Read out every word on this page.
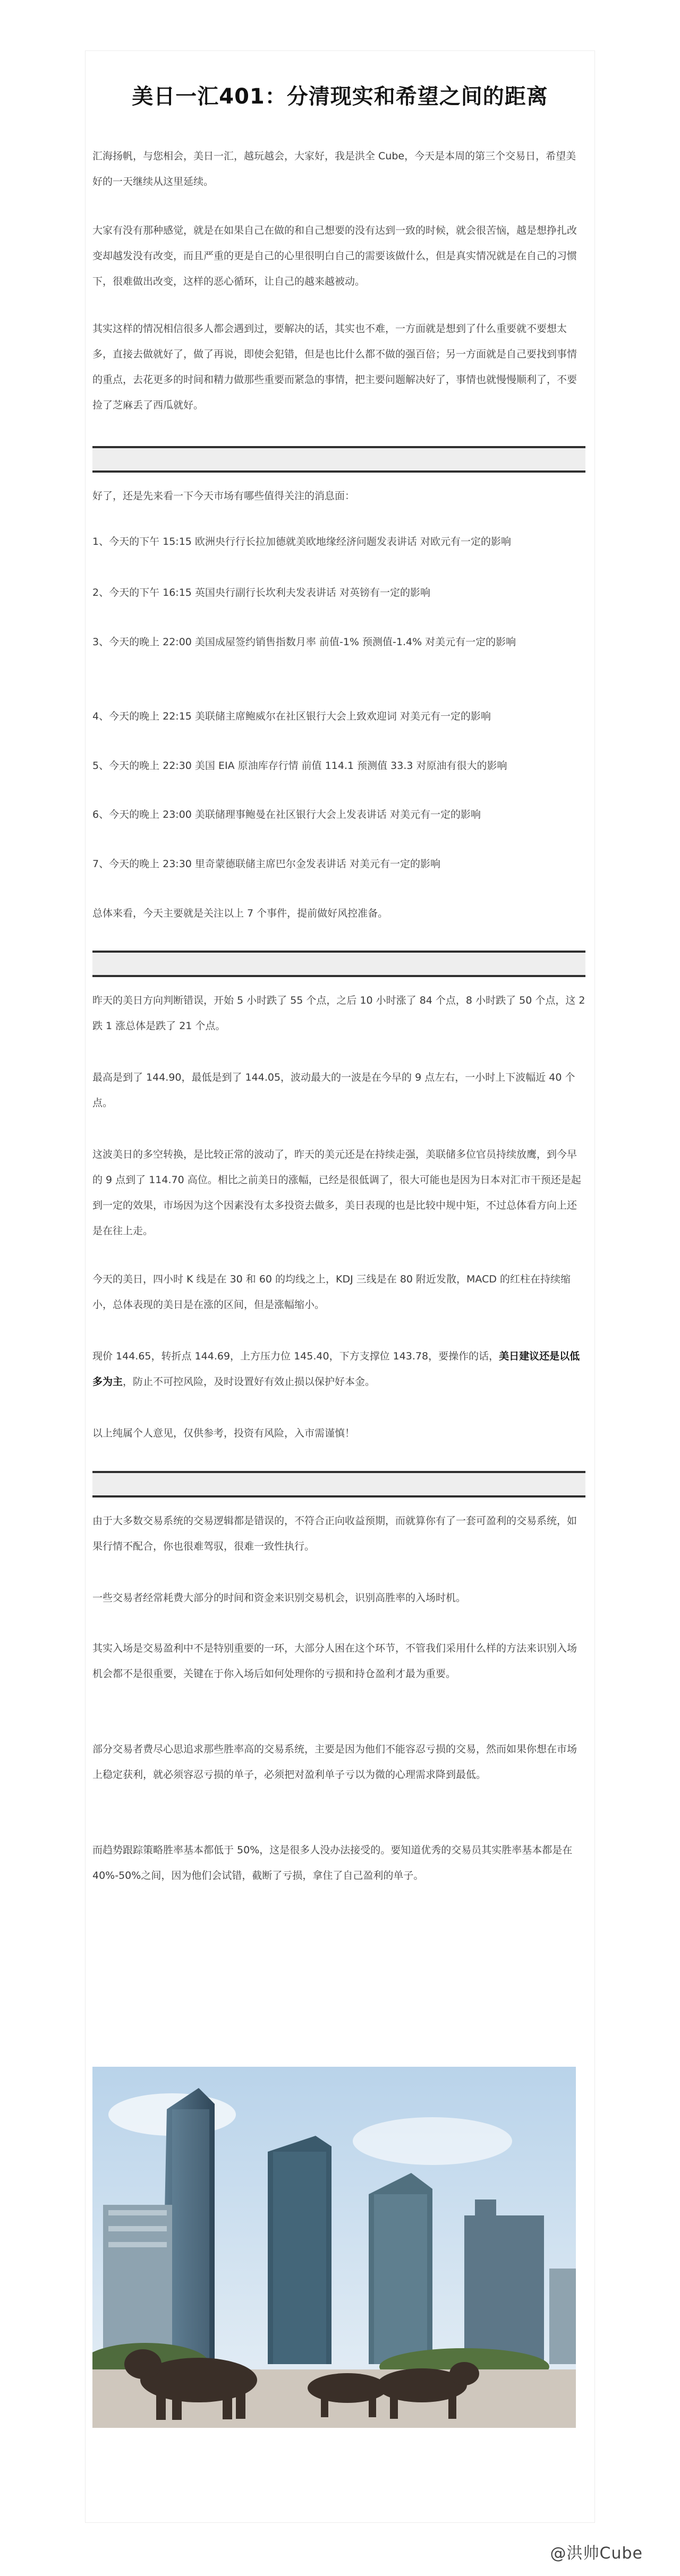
美日一汇401：分清现实和希望之间的距离

汇海扬帆，与您相会，美日一汇，越玩越会，大家好，我是洪全 Cube，今天是本周的第三个交易日，希望美好的一天继续从这里延续。

大家有没有那种感觉，就是在如果自己在做的和自己想要的没有达到一致的时候，就会很苦恼，越是想挣扎改变却越发没有改变，而且严重的更是自己的心里很明白自己的需要该做什么，但是真实情况就是在自己的习惯下，很难做出改变，这样的恶心循环，让自己的越来越被动。

其实这样的情况相信很多人都会遇到过，要解决的话，其实也不难，一方面就是想到了什么重要就不要想太多，直接去做就好了，做了再说，即使会犯错，但是也比什么都不做的强百倍；另一方面就是自己要找到事情的重点，去花更多的时间和精力做那些重要而紧急的事情，把主要问题解决好了，事情也就慢慢顺利了，不要捡了芝麻丢了西瓜就好。

好了，还是先来看一下今天市场有哪些值得关注的消息面：

1、今天的下午 15:15 欧洲央行行长拉加德就美欧地缘经济问题发表讲话 对欧元有一定的影响

2、今天的下午 16:15 英国央行副行长坎利夫发表讲话 对英镑有一定的影响

3、今天的晚上 22:00 美国成屋签约销售指数月率 前值-1% 预测值-1.4% 对美元有一定的影响

4、今天的晚上 22:15 美联储主席鲍威尔在社区银行大会上致欢迎词 对美元有一定的影响

5、今天的晚上 22:30 美国 EIA 原油库存行情 前值 114.1 预测值 33.3 对原油有很大的影响

6、今天的晚上 23:00 美联储理事鲍曼在社区银行大会上发表讲话 对美元有一定的影响

7、今天的晚上 23:30 里奇蒙德联储主席巴尔金发表讲话 对美元有一定的影响

总体来看，今天主要就是关注以上 7 个事件，提前做好风控准备。

昨天的美日方向判断错误，开始 5 小时跌了 55 个点，之后 10 小时涨了 84 个点，8 小时跌了 50 个点，这 2 跌 1 涨总体是跌了 21 个点。

最高是到了 144.90，最低是到了 144.05，波动最大的一波是在今早的 9 点左右，一小时上下波幅近 40 个点。

这波美日的多空转换，是比较正常的波动了，昨天的美元还是在持续走强，美联储多位官员持续放鹰，到今早的 9 点到了 114.70 高位。相比之前美日的涨幅，已经是很低调了，很大可能也是因为日本对汇市干预还是起到一定的效果，市场因为这个因素没有太多投资去做多，美日表现的也是比较中规中矩，不过总体看方向上还是在往上走。

今天的美日，四小时 K 线是在 30 和 60 的均线之上，KDJ 三线是在 80 附近发散，MACD 的红柱在持续缩小，总体表现的美日是在涨的区间，但是涨幅缩小。

现价 144.65，转折点 144.69，上方压力位 145.40，下方支撑位 143.78，要操作的话，美日建议还是以低多为主，防止不可控风险，及时设置好有效止损以保护好本金。

以上纯属个人意见，仅供参考，投资有风险，入市需谨慎！

由于大多数交易系统的交易逻辑都是错误的，不符合正向收益预期，而就算你有了一套可盈利的交易系统，如果行情不配合，你也很难驾驭，很难一致性执行。

一些交易者经常耗费大部分的时间和资金来识别交易机会，识别高胜率的入场时机。

其实入场是交易盈利中不是特别重要的一环，大部分人困在这个环节，不管我们采用什么样的方法来识别入场机会都不是很重要，关键在于你入场后如何处理你的亏损和持仓盈利才最为重要。

部分交易者费尽心思追求那些胜率高的交易系统，主要是因为他们不能容忍亏损的交易，然而如果你想在市场上稳定获利，就必须容忍亏损的单子，必须把对盈利单子亏以为微的心理需求降到最低。

而趋势跟踪策略胜率基本都低于 50%，这是很多人没办法接受的。要知道优秀的交易员其实胜率基本都是在 40%-50%之间，因为他们会试错，截断了亏损，拿住了自己盈利的单子。

@洪帅Cube
